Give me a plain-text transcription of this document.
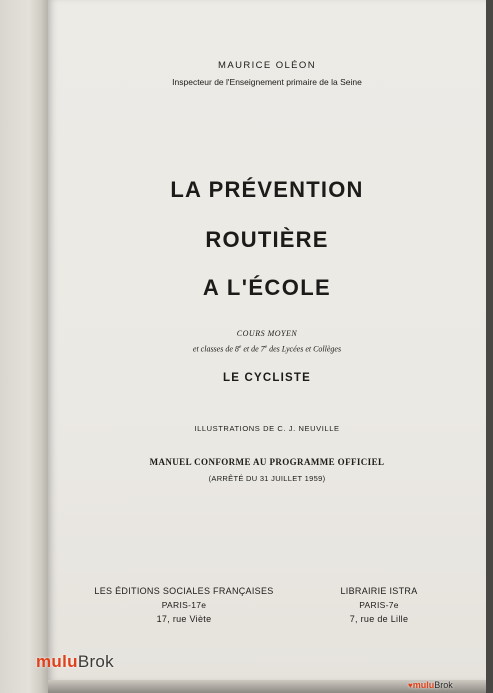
MAURICE OLÉON
Inspecteur de l'Enseignement primaire de la Seine
LA PRÉVENTION
ROUTIÈRE
A L'ÉCOLE
COURS MOYEN
et classes de 8e et de 7e des Lycées et Collèges
LE CYCLISTE
ILLUSTRATIONS DE C. J. NEUVILLE
MANUEL CONFORME AU PROGRAMME OFFICIEL
(ARRÊTÉ DU 31 JUILLET 1959)
LES ÉDITIONS SOCIALES FRANÇAISES
PARIS-17e
17, rue Viète
LIBRAIRIE ISTRA
PARIS-7e
7, rue de Lille
muluBrok
♥muluBrok
